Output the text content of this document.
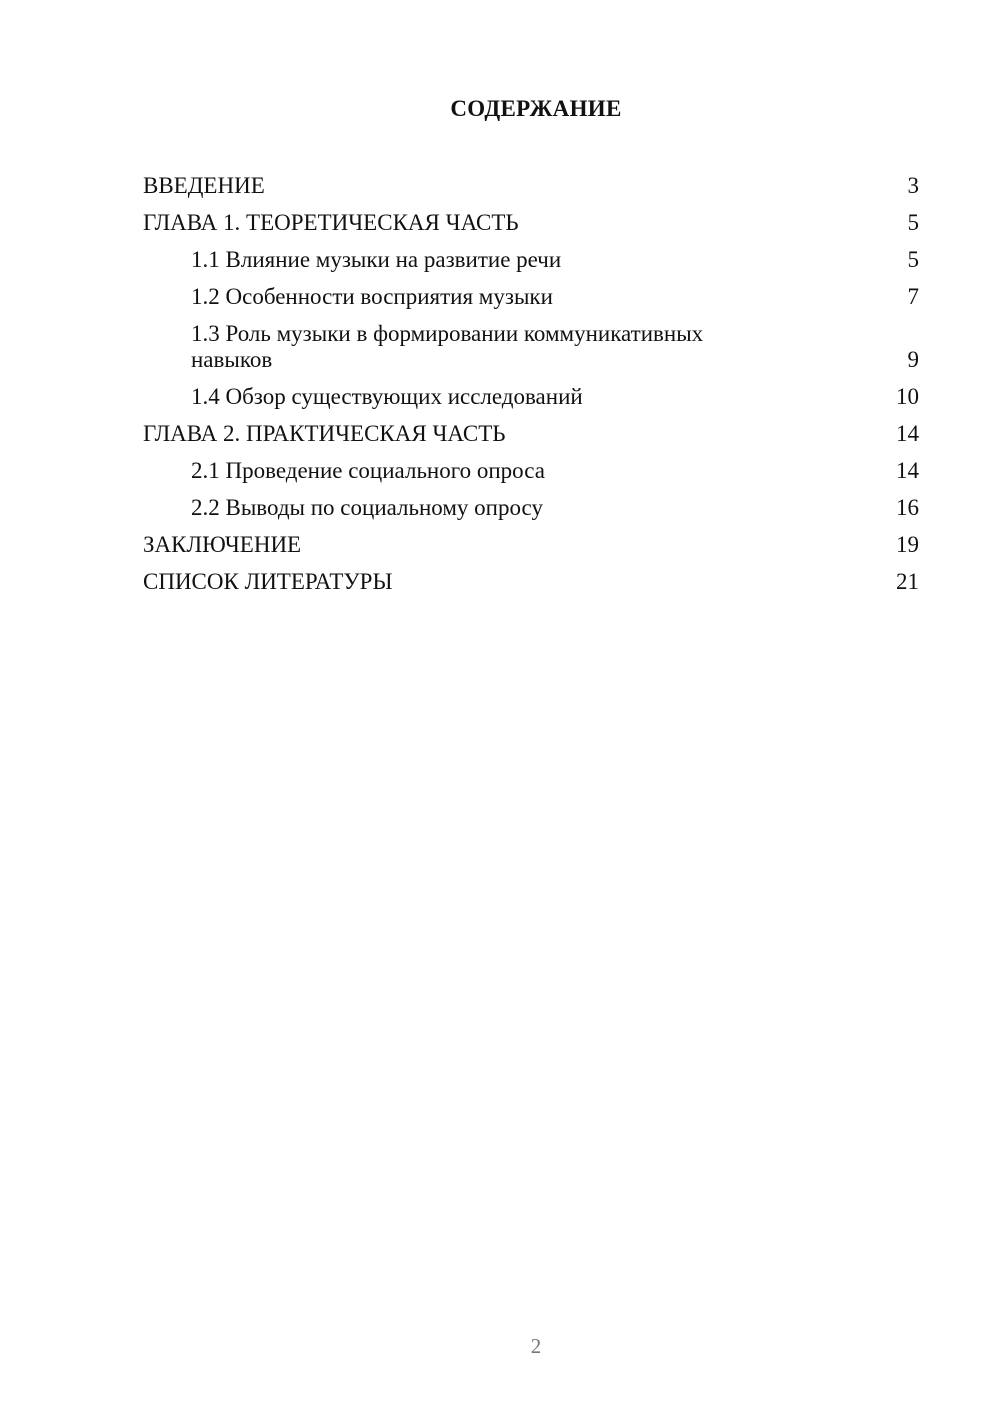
СОДЕРЖАНИЕ
ВВЕДЕНИЕ	3
ГЛАВА 1. ТЕОРЕТИЧЕСКАЯ ЧАСТЬ	5
1.1 Влияние музыки на развитие речи	5
1.2 Особенности восприятия музыки	7
1.3 Роль музыки в формировании коммуникативных навыков	9
1.4 Обзор существующих исследований	10
ГЛАВА 2. ПРАКТИЧЕСКАЯ ЧАСТЬ	14
2.1 Проведение социального опроса	14
2.2 Выводы по социальному опросу	16
ЗАКЛЮЧЕНИЕ	19
СПИСОК ЛИТЕРАТУРЫ	21
2
